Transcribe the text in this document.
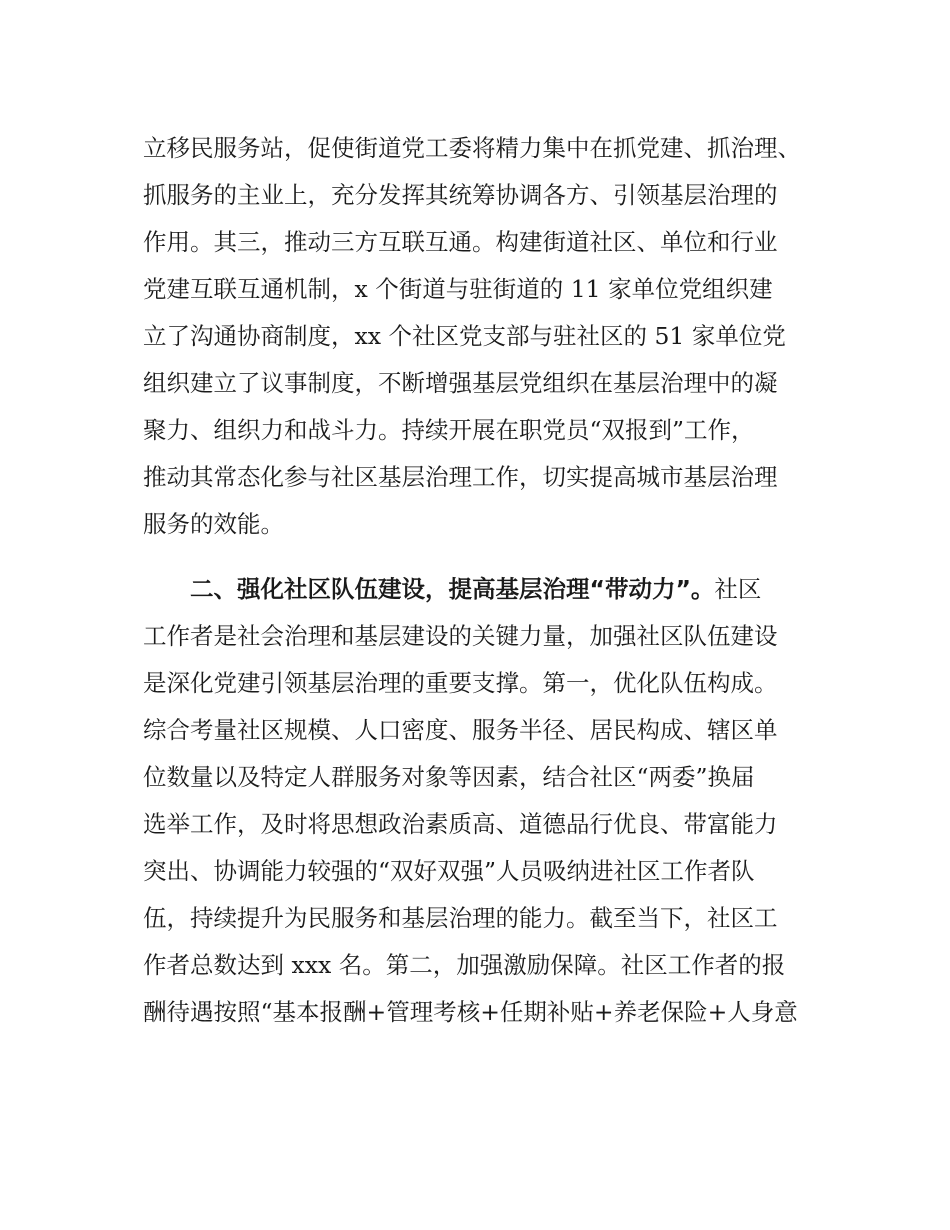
立移民服务站，促使街道党工委将精力集中在抓党建、抓治理、
抓服务的主业上，充分发挥其统筹协调各方、引领基层治理的
作用。其三，推动三方互联互通。构建街道社区、单位和行业
党建互联互通机制，x 个街道与驻街道的 11 家单位党组织建
立了沟通协商制度，xx 个社区党支部与驻社区的 51 家单位党
组织建立了议事制度，不断增强基层党组织在基层治理中的凝
聚力、组织力和战斗力。持续开展在职党员“双报到”工作，
推动其常态化参与社区基层治理工作，切实提高城市基层治理
服务的效能。
二、强化社区队伍建设，提高基层治理“带动力”。社区
工作者是社会治理和基层建设的关键力量，加强社区队伍建设
是深化党建引领基层治理的重要支撑。第一，优化队伍构成。
综合考量社区规模、人口密度、服务半径、居民构成、辖区单
位数量以及特定人群服务对象等因素，结合社区“两委”换届
选举工作，及时将思想政治素质高、道德品行优良、带富能力
突出、协调能力较强的“双好双强”人员吸纳进社区工作者队
伍，持续提升为民服务和基层治理的能力。截至当下，社区工
作者总数达到 xxx 名。第二，加强激励保障。社区工作者的报
酬待遇按照“基本报酬+管理考核+任期补贴+养老保险+人身意
